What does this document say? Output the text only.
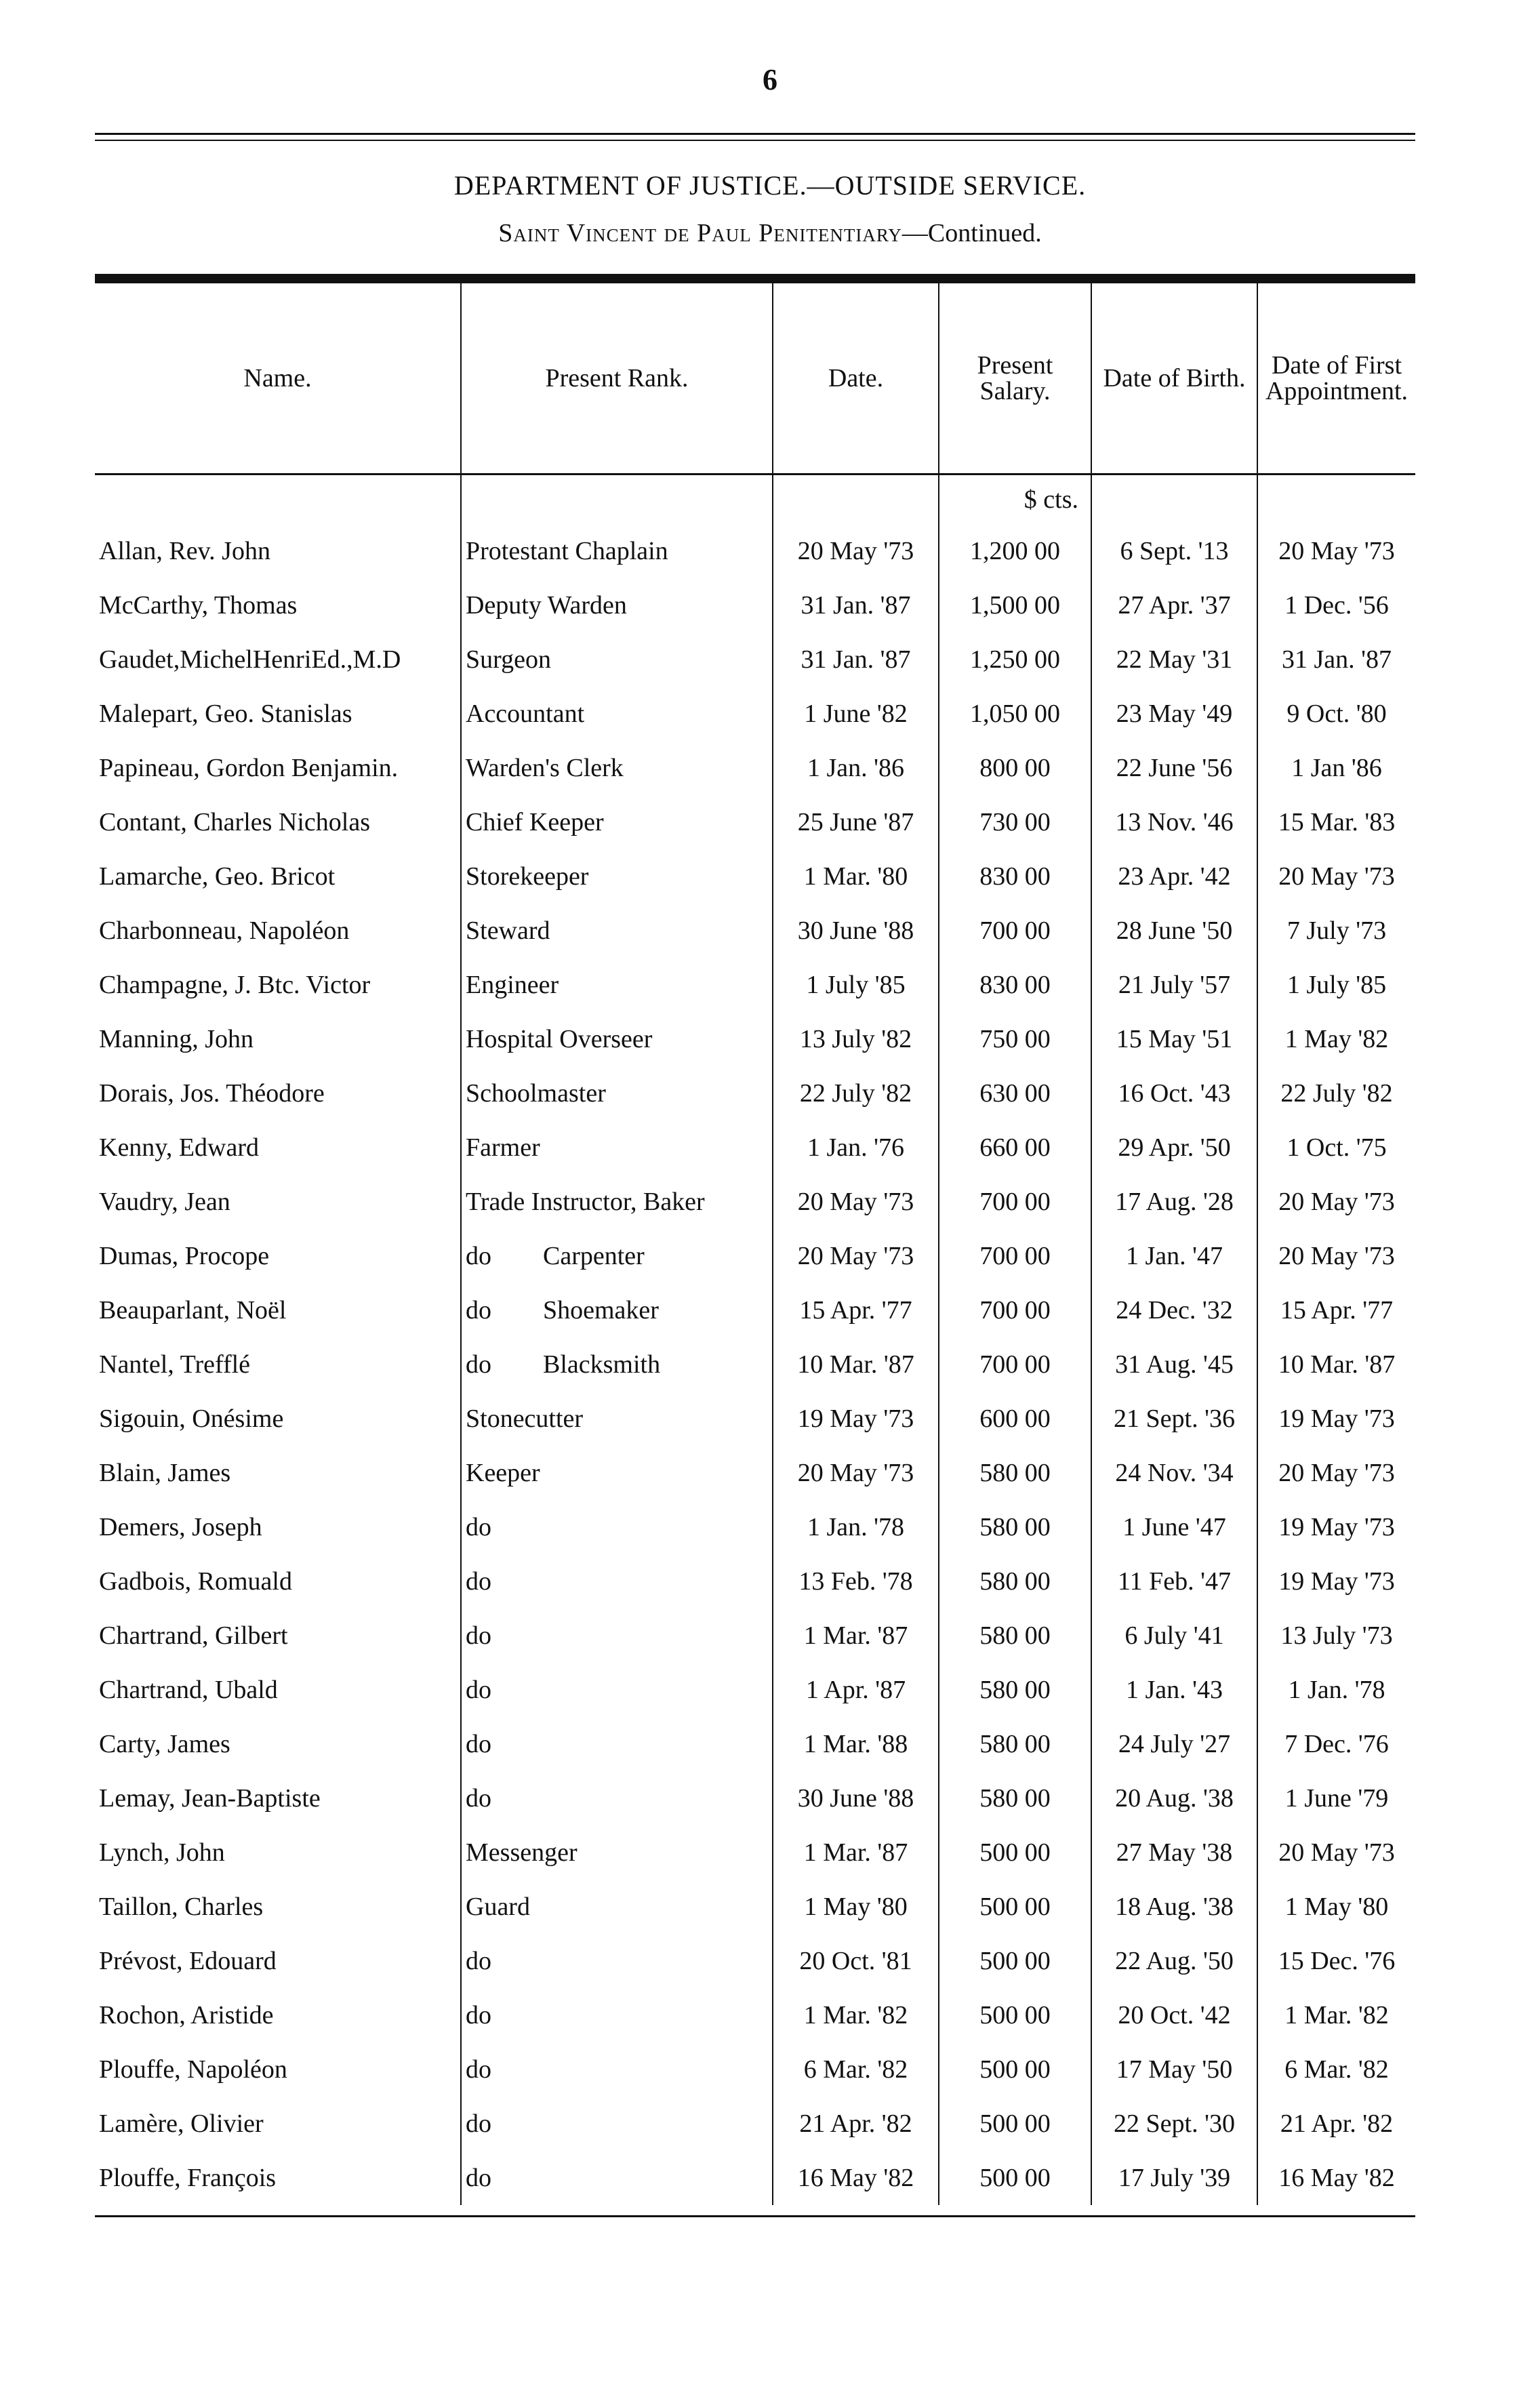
6
DEPARTMENT OF JUSTICE.—OUTSIDE SERVICE.
Saint Vincent de Paul Penitentiary—Continued.
Name.	Present Rank.	Date.	Present Salary.	Date of Birth.	Date of First Appointment.

			$ cts.		

Allan, Rev. John	Protestant Chaplain	20 May '73	1,200 00	6 Sept. '13	20 May '73
McCarthy, Thomas	Deputy Warden	31 Jan. '87	1,500 00	27 Apr. '37	1 Dec. '56
Gaudet,MichelHenriEd.,M.D	Surgeon	31 Jan. '87	1,250 00	22 May '31	31 Jan. '87
Malepart, Geo. Stanislas	Accountant	1 June '82	1,050 00	23 May '49	9 Oct. '80
Papineau, Gordon Benjamin.	Warden's Clerk	1 Jan. '86	800 00	22 June '56	1 Jan '86
Contant, Charles Nicholas	Chief Keeper	25 June '87	730 00	13 Nov. '46	15 Mar. '83
Lamarche, Geo. Bricot	Storekeeper	1 Mar. '80	830 00	23 Apr. '42	20 May '73
Charbonneau, Napoléon	Steward	30 June '88	700 00	28 June '50	7 July '73
Champagne, J. Btc. Victor	Engineer	1 July '85	830 00	21 July '57	1 July '85
Manning, John	Hospital Overseer	13 July '82	750 00	15 May '51	1 May '82
Dorais, Jos. Théodore	Schoolmaster	22 July '82	630 00	16 Oct. '43	22 July '82
Kenny, Edward	Farmer	1 Jan. '76	660 00	29 Apr. '50	1 Oct. '75
Vaudry, Jean	Trade Instructor, Baker	20 May '73	700 00	17 Aug. '28	20 May '73
Dumas, Procope	do        Carpenter	20 May '73	700 00	1 Jan. '47	20 May '73
Beauparlant, Noël	do        Shoemaker	15 Apr. '77	700 00	24 Dec. '32	15 Apr. '77
Nantel, Trefflé	do        Blacksmith	10 Mar. '87	700 00	31 Aug. '45	10 Mar. '87
Sigouin, Onésime	Stonecutter	19 May '73	600 00	21 Sept. '36	19 May '73
Blain, James	Keeper	20 May '73	580 00	24 Nov. '34	20 May '73
Demers, Joseph	do	1 Jan. '78	580 00	1 June '47	19 May '73
Gadbois, Romuald	do	13 Feb. '78	580 00	11 Feb. '47	19 May '73
Chartrand, Gilbert	do	1 Mar. '87	580 00	6 July '41	13 July '73
Chartrand, Ubald	do	1 Apr. '87	580 00	1 Jan. '43	1 Jan. '78
Carty, James	do	1 Mar. '88	580 00	24 July '27	7 Dec. '76
Lemay, Jean-Baptiste	do	30 June '88	580 00	20 Aug. '38	1 June '79
Lynch, John	Messenger	1 Mar. '87	500 00	27 May '38	20 May '73
Taillon, Charles	Guard	1 May '80	500 00	18 Aug. '38	1 May '80
Prévost, Edouard	do	20 Oct. '81	500 00	22 Aug. '50	15 Dec. '76
Rochon, Aristide	do	1 Mar. '82	500 00	20 Oct. '42	1 Mar. '82
Plouffe, Napoléon	do	6 Mar. '82	500 00	17 May '50	6 Mar. '82
Lamère, Olivier	do	21 Apr. '82	500 00	22 Sept. '30	21 Apr. '82
Plouffe, François	do	16 May '82	500 00	17 July '39	16 May '82
